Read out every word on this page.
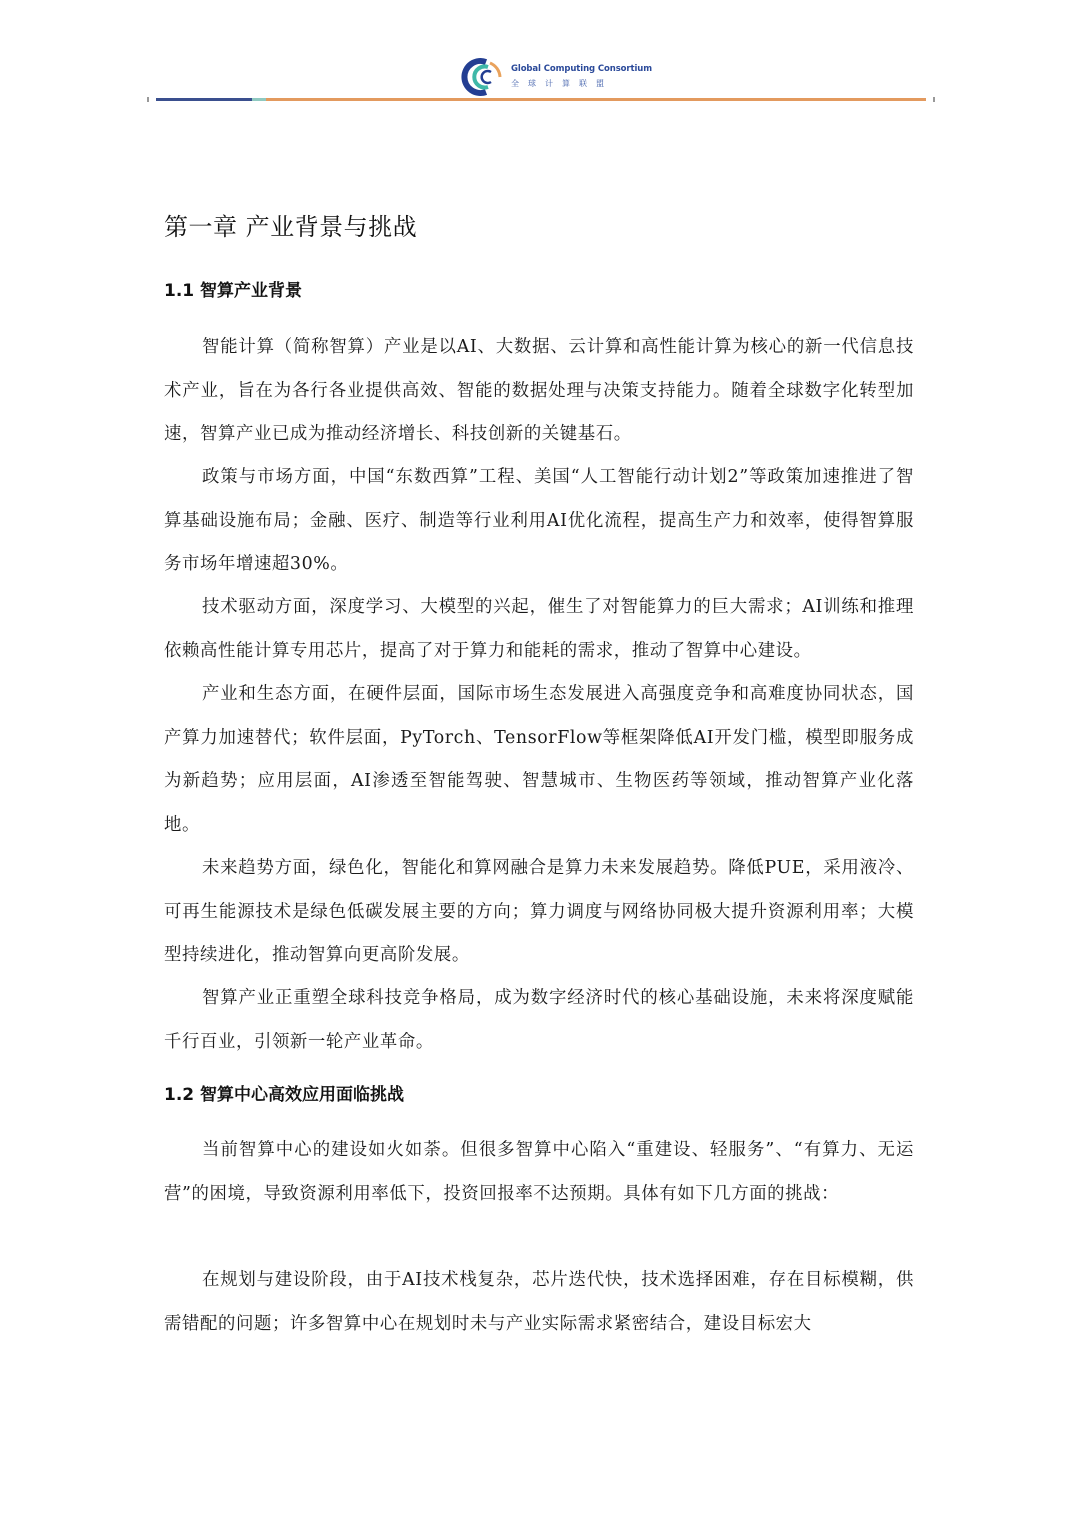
Global Computing Consortium
全球计算联盟
第一章 产业背景与挑战
1.1 智算产业背景

智能计算（简称智算）产业是以AI、大数据、云计算和高性能计算为核心的新一代信息技术产业，旨在为各行各业提供高效、智能的数据处理与决策支持能力。随着全球数字化转型加速，智算产业已成为推动经济增长、科技创新的关键基石。

政策与市场方面，中国“东数西算”工程、美国“人工智能行动计划2”等政策加速推进了智算基础设施布局；金融、医疗、制造等行业利用AI优化流程，提高生产力和效率，使得智算服务市场年增速超30%。

技术驱动方面，深度学习、大模型的兴起，催生了对智能算力的巨大需求；AI训练和推理依赖高性能计算专用芯片，提高了对于算力和能耗的需求，推动了智算中心建设。

产业和生态方面，在硬件层面，国际市场生态发展进入高强度竞争和高难度协同状态，国产算力加速替代；软件层面，PyTorch、TensorFlow等框架降低AI开发门槛，模型即服务成为新趋势；应用层面，AI渗透至智能驾驶、智慧城市、生物医药等领域，推动智算产业化落地。

未来趋势方面，绿色化，智能化和算网融合是算力未来发展趋势。降低PUE，采用液冷、可再生能源技术是绿色低碳发展主要的方向；算力调度与网络协同极大提升资源利用率；大模型持续进化，推动智算向更高阶发展。

智算产业正重塑全球科技竞争格局，成为数字经济时代的核心基础设施，未来将深度赋能千行百业，引领新一轮产业革命。

1.2 智算中心高效应用面临挑战

当前智算中心的建设如火如荼。但很多智算中心陷入“重建设、轻服务”、“有算力、无运营”的困境，导致资源利用率低下，投资回报率不达预期。具体有如下几方面的挑战：

在规划与建设阶段，由于AI技术栈复杂，芯片迭代快，技术选择困难，存在目标模糊，供需错配的问题；许多智算中心在规划时未与产业实际需求紧密结合，建设目标宏大
